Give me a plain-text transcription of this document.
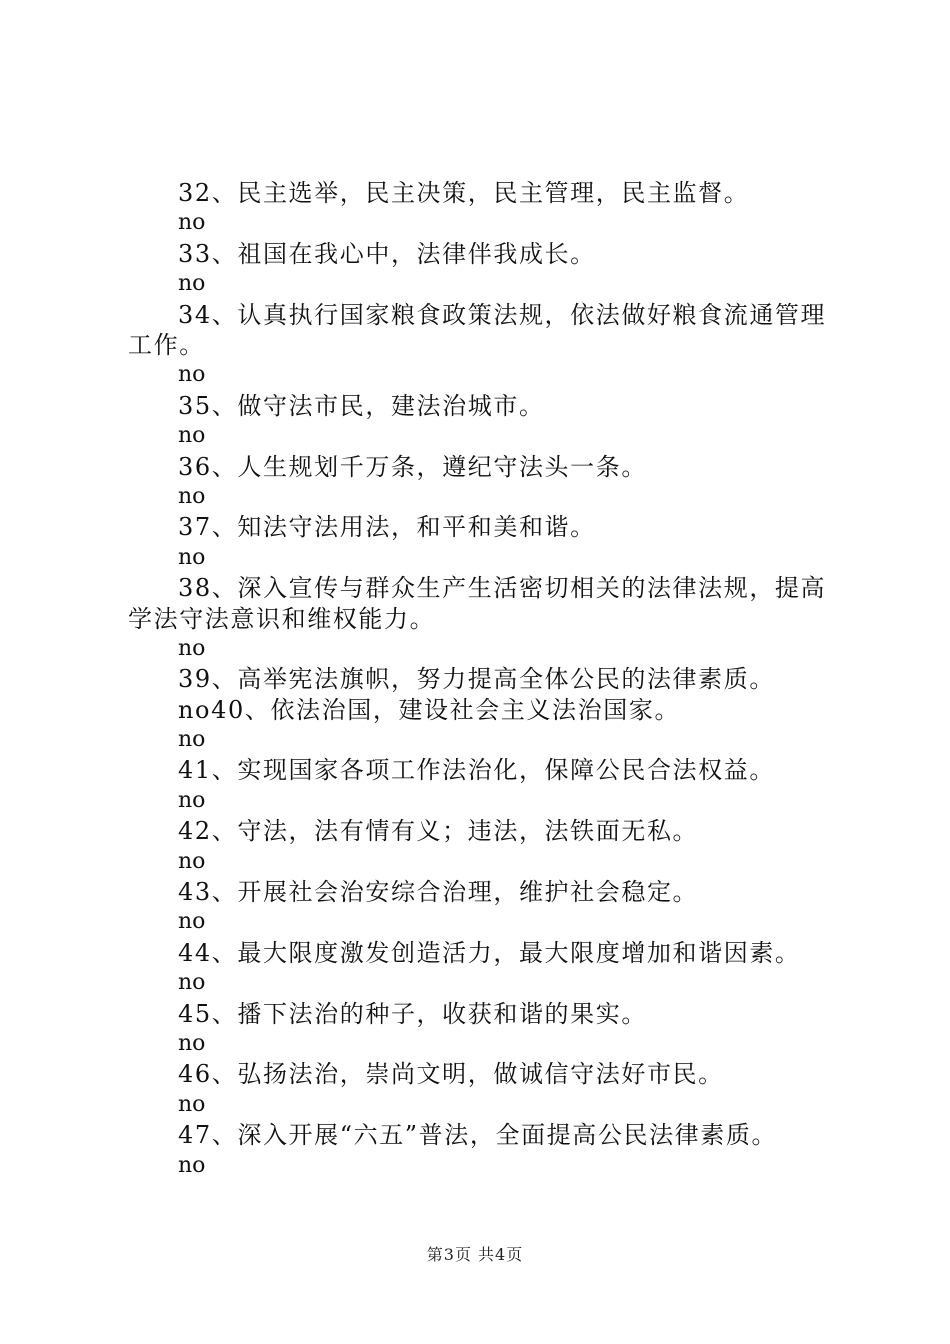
32、民主选举，民主决策，民主管理，民主监督。
no
33、祖国在我心中，法律伴我成长。
no
34、认真执行国家粮食政策法规，依法做好粮食流通管理工作。
no
35、做守法市民，建法治城市。
no
36、人生规划千万条，遵纪守法头一条。
no
37、知法守法用法，和平和美和谐。
no
38、深入宣传与群众生产生活密切相关的法律法规，提高学法守法意识和维权能力。
no
39、高举宪法旗帜，努力提高全体公民的法律素质。
no40、依法治国，建设社会主义法治国家。
no
41、实现国家各项工作法治化，保障公民合法权益。
no
42、守法，法有情有义；违法，法铁面无私。
no
43、开展社会治安综合治理，维护社会稳定。
no
44、最大限度激发创造活力，最大限度增加和谐因素。
no
45、播下法治的种子，收获和谐的果实。
no
46、弘扬法治，崇尚文明，做诚信守法好市民。
no
47、深入开展“六五”普法，全面提高公民法律素质。
no
第3页 共4页
